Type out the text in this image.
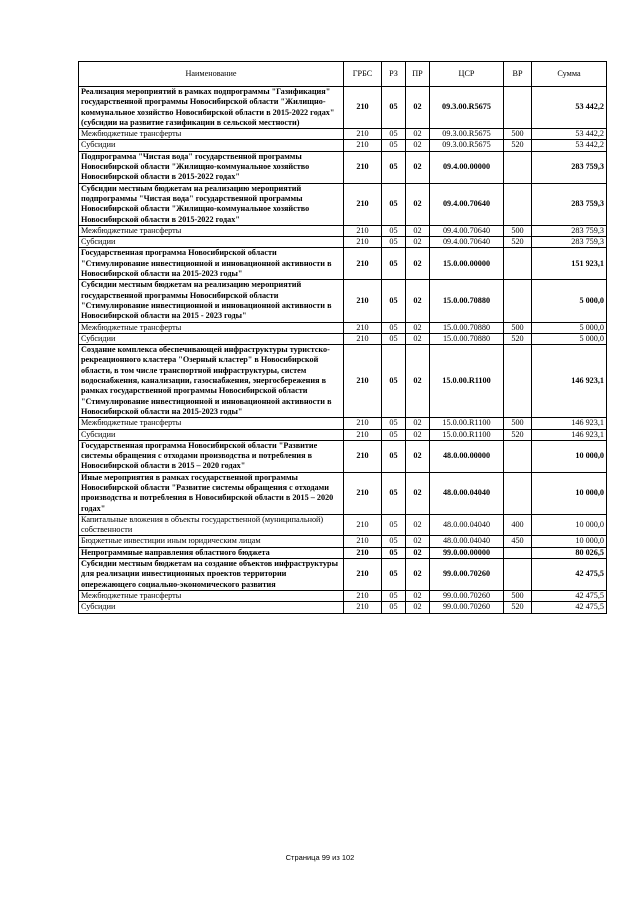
Наименование	ГРБС	РЗ	ПР	ЦСР	ВР	Сумма
Реализация мероприятий в рамках подпрограммы "Газификация" государственной программы Новосибирской области "Жилищно-коммунальное хозяйство Новосибирской области в 2015-2022 годах" (субсидии на развитие газификации в сельской местности)	210	05	02	09.3.00.R5675		53 442,2
Межбюджетные трансферты	210	05	02	09.3.00.R5675	500	53 442,2
Субсидии	210	05	02	09.3.00.R5675	520	53 442,2
Подпрограмма "Чистая вода" государственной программы Новосибирской области "Жилищно-коммунальное хозяйство Новосибирской области в 2015-2022 годах"	210	05	02	09.4.00.00000		283 759,3
Субсидии местным бюджетам на реализацию мероприятий подпрограммы "Чистая вода" государственной программы Новосибирской области "Жилищно-коммунальное хозяйство Новосибирской области в 2015-2022 годах"	210	05	02	09.4.00.70640		283 759,3
Межбюджетные трансферты	210	05	02	09.4.00.70640	500	283 759,3
Субсидии	210	05	02	09.4.00.70640	520	283 759,3
Государственная программа Новосибирской области "Стимулирование инвестиционной и инновационной активности в Новосибирской области на 2015-2023 годы"	210	05	02	15.0.00.00000		151 923,1
Субсидии местным бюджетам на реализацию мероприятий государственной программы Новосибирской области "Стимулирование инвестиционной и инновационной активности в Новосибирской области на 2015 - 2023 годы"	210	05	02	15.0.00.70880		5 000,0
Межбюджетные трансферты	210	05	02	15.0.00.70880	500	5 000,0
Субсидии	210	05	02	15.0.00.70880	520	5 000,0
Создание комплекса обеспечивающей инфраструктуры туристско-рекреационного кластера "Озерный кластер" в Новосибирской области, в том числе транспортной инфраструктуры, систем водоснабжения, канализации, газоснабжения, энергосбережения в рамках государственной программы Новосибирской области "Стимулирование инвестиционной и инновационной активности в Новосибирской области на 2015-2023 годы"	210	05	02	15.0.00.R1100		146 923,1
Межбюджетные трансферты	210	05	02	15.0.00.R1100	500	146 923,1
Субсидии	210	05	02	15.0.00.R1100	520	146 923,1
Государственная программа Новосибирской области "Развитие системы обращения с отходами производства и потребления в Новосибирской области в 2015 – 2020 годах"	210	05	02	48.0.00.00000		10 000,0
Иные мероприятия в рамках государственной программы Новосибирской области "Развитие системы обращения с отходами производства и потребления в Новосибирской области в 2015 – 2020 годах"	210	05	02	48.0.00.04040		10 000,0
Капитальные вложения в объекты государственной (муниципальной) собственности	210	05	02	48.0.00.04040	400	10 000,0
Бюджетные инвестиции иным юридическим лицам	210	05	02	48.0.00.04040	450	10 000,0
Непрограммные направления областного бюджета	210	05	02	99.0.00.00000		80 026,5
Субсидии местным бюджетам на создание объектов инфраструктуры для реализации инвестиционных проектов территории опережающего социально-экономического развития	210	05	02	99.0.00.70260		42 475,5
Межбюджетные трансферты	210	05	02	99.0.00.70260	500	42 475,5
Субсидии	210	05	02	99.0.00.70260	520	42 475,5
Страница 99 из 102
